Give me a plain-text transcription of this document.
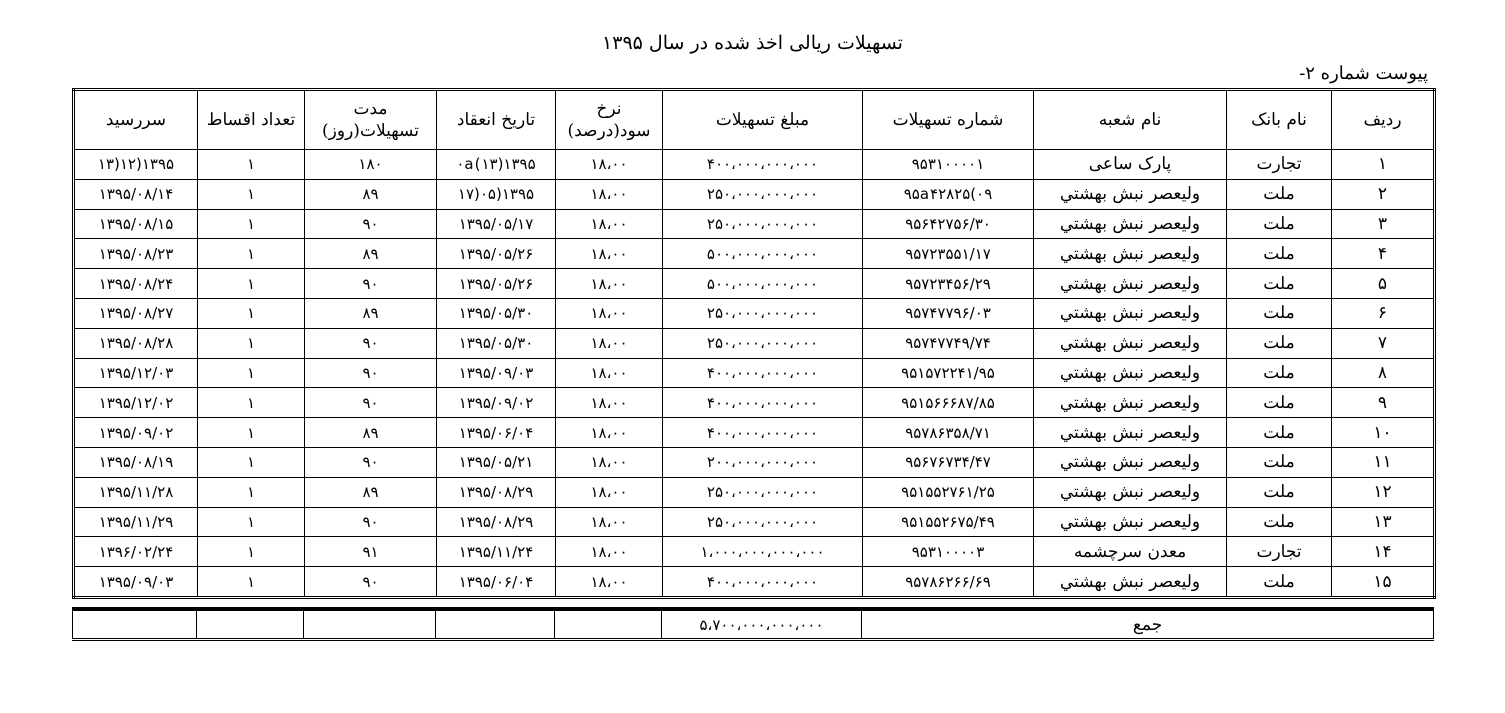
تسهیلات ریالی اخذ شده در سال ۱۳۹۵
پیوست شماره ۲-
ردیف	نام بانک	نام شعبه	شماره تسهیلات	مبلغ تسهیلات	نرخ سود(درصد)	تاریخ انعقاد	مدت تسهیلات(روز)	تعداد اقساط	سررسید
۱	تجارت	پارک ساعی	۹۵۳۱۰۰۰۰۱	۴۰۰،۰۰۰،۰۰۰،۰۰۰	۱۸،۰۰	۱۳۹۵(۰a(۱۳	۱۸۰	۱	۱۳۹۵(۱۲(۱۳
۲	ملت	ولیعصر نبش بهشتي	۹۵a۴۲۸۲۵(۰۹	۲۵۰،۰۰۰،۰۰۰،۰۰۰	۱۸،۰۰	۱۳۹۵(۰۵(۱۷	۸۹	۱	۱۳۹۵/۰۸/۱۴
۳	ملت	ولیعصر نبش بهشتي	۹۵۶۴۲۷۵۶/۳۰	۲۵۰،۰۰۰،۰۰۰،۰۰۰	۱۸،۰۰	۱۳۹۵/۰۵/۱۷	۹۰	۱	۱۳۹۵/۰۸/۱۵
۴	ملت	ولیعصر نبش بهشتي	۹۵۷۲۳۵۵۱/۱۷	۵۰۰،۰۰۰،۰۰۰،۰۰۰	۱۸،۰۰	۱۳۹۵/۰۵/۲۶	۸۹	۱	۱۳۹۵/۰۸/۲۳
۵	ملت	ولیعصر نبش بهشتي	۹۵۷۲۳۴۵۶/۲۹	۵۰۰،۰۰۰،۰۰۰،۰۰۰	۱۸،۰۰	۱۳۹۵/۰۵/۲۶	۹۰	۱	۱۳۹۵/۰۸/۲۴
۶	ملت	ولیعصر نبش بهشتي	۹۵۷۴۷۷۹۶/۰۳	۲۵۰،۰۰۰،۰۰۰،۰۰۰	۱۸،۰۰	۱۳۹۵/۰۵/۳۰	۸۹	۱	۱۳۹۵/۰۸/۲۷
۷	ملت	ولیعصر نبش بهشتي	۹۵۷۴۷۷۴۹/۷۴	۲۵۰،۰۰۰،۰۰۰،۰۰۰	۱۸،۰۰	۱۳۹۵/۰۵/۳۰	۹۰	۱	۱۳۹۵/۰۸/۲۸
۸	ملت	ولیعصر نبش بهشتي	۹۵۱۵۷۲۲۴۱/۹۵	۴۰۰،۰۰۰،۰۰۰،۰۰۰	۱۸،۰۰	۱۳۹۵/۰۹/۰۳	۹۰	۱	۱۳۹۵/۱۲/۰۳
۹	ملت	ولیعصر نبش بهشتي	۹۵۱۵۶۶۶۸۷/۸۵	۴۰۰،۰۰۰،۰۰۰،۰۰۰	۱۸،۰۰	۱۳۹۵/۰۹/۰۲	۹۰	۱	۱۳۹۵/۱۲/۰۲
۱۰	ملت	ولیعصر نبش بهشتي	۹۵۷۸۶۳۵۸/۷۱	۴۰۰،۰۰۰،۰۰۰،۰۰۰	۱۸،۰۰	۱۳۹۵/۰۶/۰۴	۸۹	۱	۱۳۹۵/۰۹/۰۲
۱۱	ملت	ولیعصر نبش بهشتي	۹۵۶۷۶۷۳۴/۴۷	۲۰۰،۰۰۰،۰۰۰،۰۰۰	۱۸،۰۰	۱۳۹۵/۰۵/۲۱	۹۰	۱	۱۳۹۵/۰۸/۱۹
۱۲	ملت	ولیعصر نبش بهشتي	۹۵۱۵۵۲۷۶۱/۲۵	۲۵۰،۰۰۰،۰۰۰،۰۰۰	۱۸،۰۰	۱۳۹۵/۰۸/۲۹	۸۹	۱	۱۳۹۵/۱۱/۲۸
۱۳	ملت	ولیعصر نبش بهشتي	۹۵۱۵۵۲۶۷۵/۴۹	۲۵۰،۰۰۰،۰۰۰،۰۰۰	۱۸،۰۰	۱۳۹۵/۰۸/۲۹	۹۰	۱	۱۳۹۵/۱۱/۲۹
۱۴	تجارت	معدن سرچشمه	۹۵۳۱۰۰۰۰۳	۱،۰۰۰،۰۰۰،۰۰۰،۰۰۰	۱۸،۰۰	۱۳۹۵/۱۱/۲۴	۹۱	۱	۱۳۹۶/۰۲/۲۴
۱۵	ملت	ولیعصر نبش بهشتي	۹۵۷۸۶۲۶۶/۶۹	۴۰۰،۰۰۰،۰۰۰،۰۰۰	۱۸،۰۰	۱۳۹۵/۰۶/۰۴	۹۰	۱	۱۳۹۵/۰۹/۰۳
جمع	۵،۷۰۰،۰۰۰،۰۰۰،۰۰۰					
